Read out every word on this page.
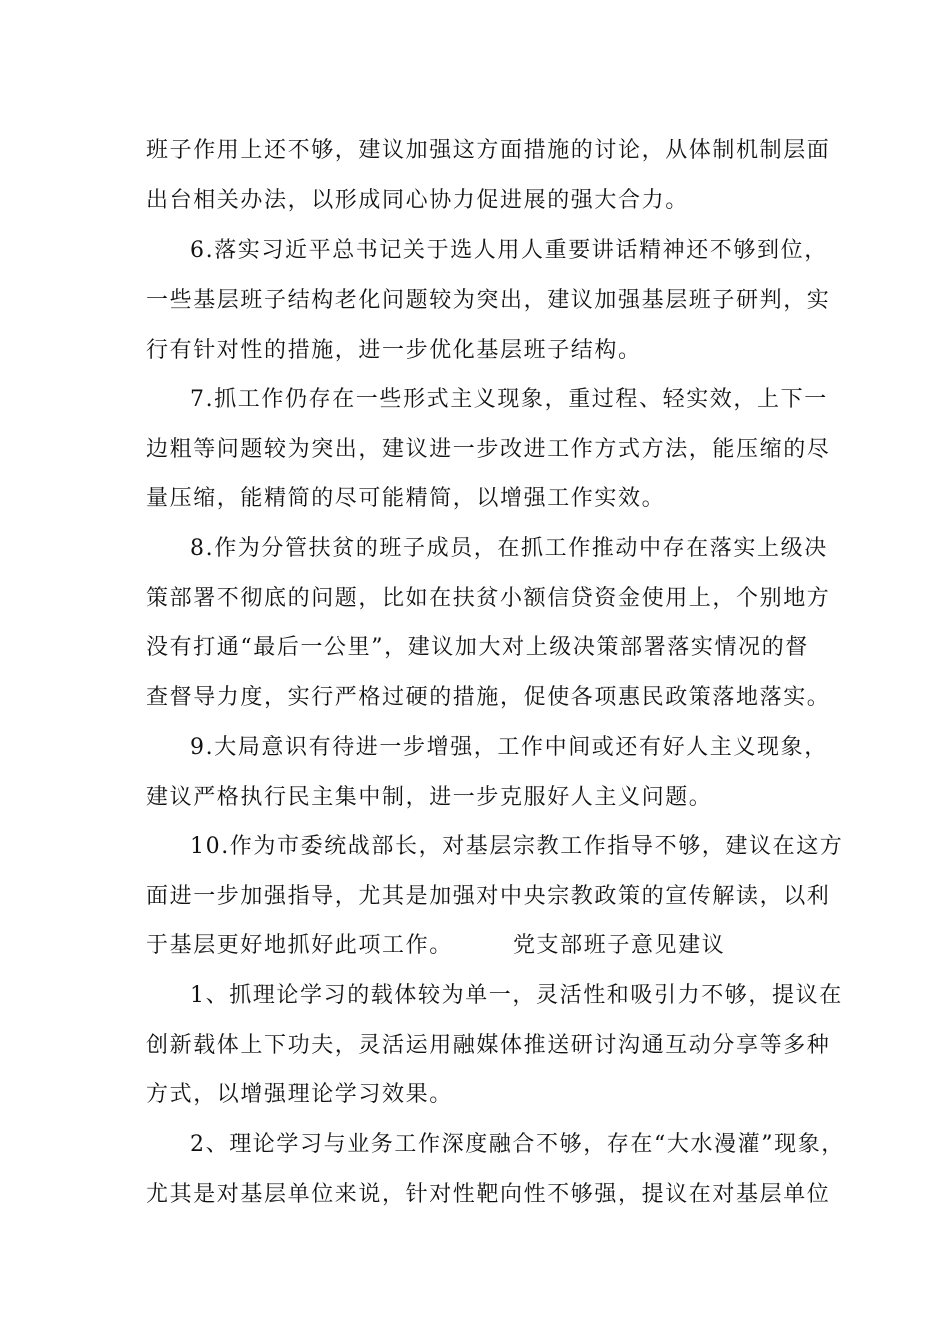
班子作用上还不够，建议加强这方面措施的讨论，从体制机制层面
出台相关办法，以形成同心协力促进展的强大合力。
6.落实习近平总书记关于选人用人重要讲话精神还不够到位，
一些基层班子结构老化问题较为突出，建议加强基层班子研判，实
行有针对性的措施，进一步优化基层班子结构。
7.抓工作仍存在一些形式主义现象，重过程、轻实效，上下一
边粗等问题较为突出，建议进一步改进工作方式方法，能压缩的尽
量压缩，能精简的尽可能精简，以增强工作实效。
8.作为分管扶贫的班子成员，在抓工作推动中存在落实上级决
策部署不彻底的问题，比如在扶贫小额信贷资金使用上，个别地方
没有打通“最后一公里”，建议加大对上级决策部署落实情况的督
查督导力度，实行严格过硬的措施，促使各项惠民政策落地落实。
9.大局意识有待进一步增强，工作中间或还有好人主义现象，
建议严格执行民主集中制，进一步克服好人主义问题。
10.作为市委统战部长，对基层宗教工作指导不够，建议在这方
面进一步加强指导，尤其是加强对中央宗教政策的宣传解读，以利
于基层更好地抓好此项工作。       党支部班子意见建议
1、抓理论学习的载体较为单一，灵活性和吸引力不够，提议在
创新载体上下功夫，灵活运用融媒体推送研讨沟通互动分享等多种
方式，以增强理论学习效果。
2、理论学习与业务工作深度融合不够，存在“大水漫灌”现象，
尤其是对基层单位来说，针对性靶向性不够强，提议在对基层单位
